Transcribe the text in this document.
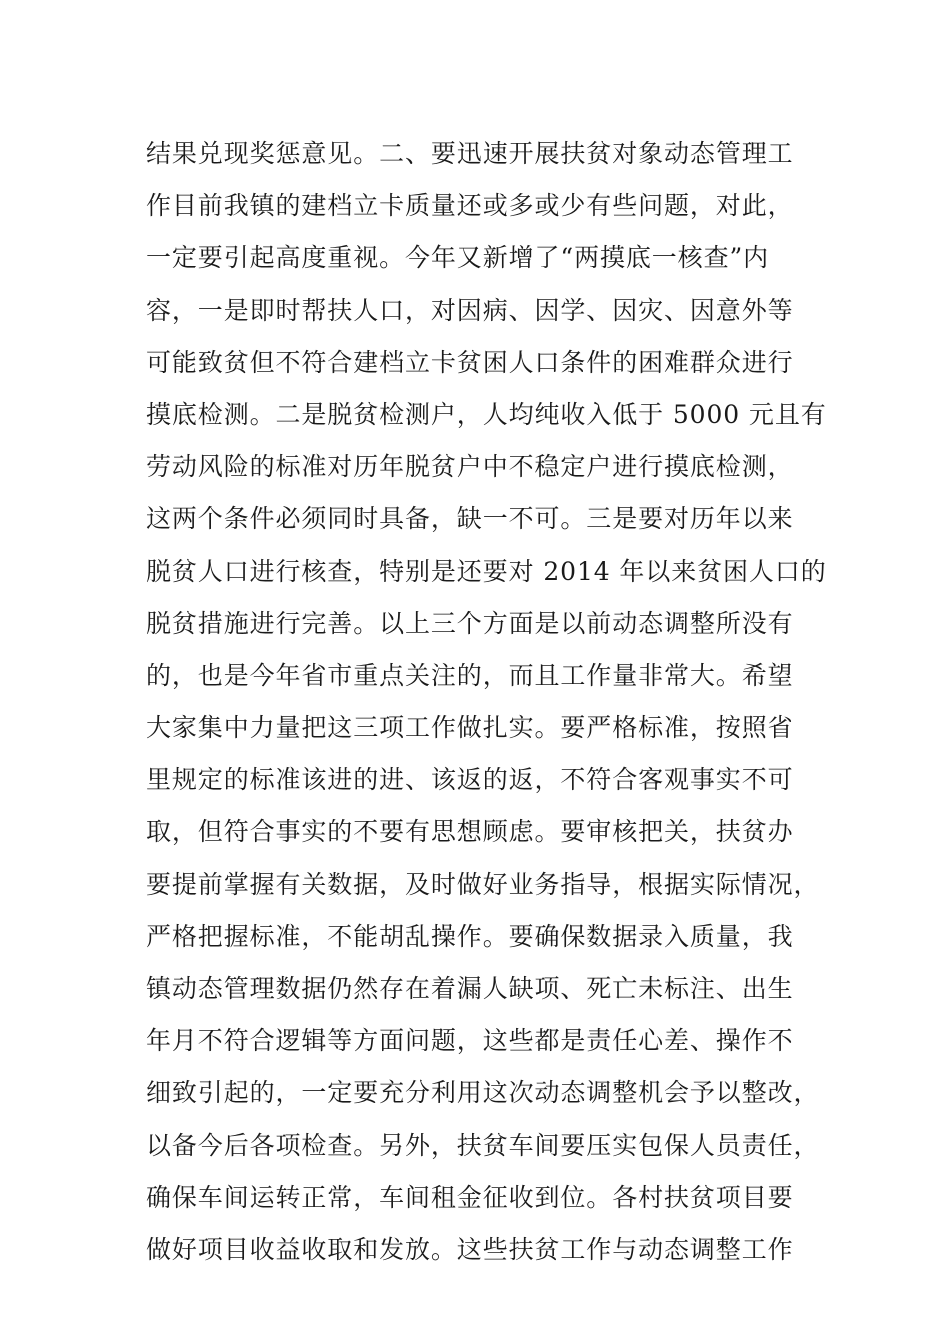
结果兑现奖惩意见。二、要迅速开展扶贫对象动态管理工
作目前我镇的建档立卡质量还或多或少有些问题，对此，
一定要引起高度重视。今年又新增了“两摸底一核查”内
容，一是即时帮扶人口，对因病、因学、因灾、因意外等
可能致贫但不符合建档立卡贫困人口条件的困难群众进行
摸底检测。二是脱贫检测户，人均纯收入低于 5000 元且有
劳动风险的标准对历年脱贫户中不稳定户进行摸底检测，
这两个条件必须同时具备，缺一不可。三是要对历年以来
脱贫人口进行核查，特别是还要对 2014 年以来贫困人口的
脱贫措施进行完善。以上三个方面是以前动态调整所没有
的，也是今年省市重点关注的，而且工作量非常大。希望
大家集中力量把这三项工作做扎实。要严格标准，按照省
里规定的标准该进的进、该返的返，不符合客观事实不可
取，但符合事实的不要有思想顾虑。要审核把关，扶贫办
要提前掌握有关数据，及时做好业务指导，根据实际情况，
严格把握标准，不能胡乱操作。要确保数据录入质量，我
镇动态管理数据仍然存在着漏人缺项、死亡未标注、出生
年月不符合逻辑等方面问题，这些都是责任心差、操作不
细致引起的，一定要充分利用这次动态调整机会予以整改，
以备今后各项检查。另外，扶贫车间要压实包保人员责任，
确保车间运转正常，车间租金征收到位。各村扶贫项目要
做好项目收益收取和发放。这些扶贫工作与动态调整工作
